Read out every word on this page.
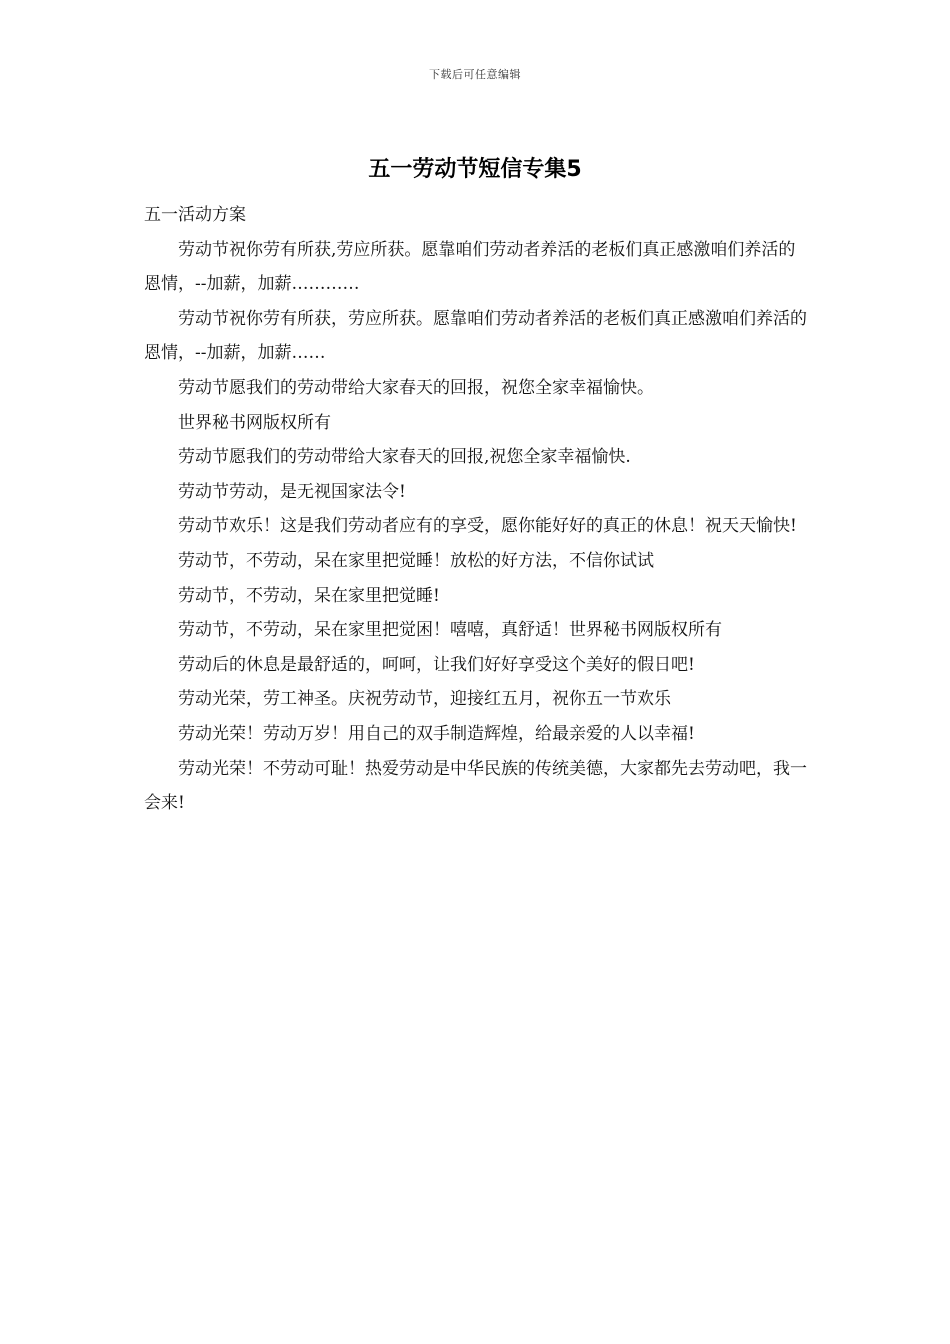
下载后可任意编辑
五一劳动节短信专集5

五一活动方案

劳动节祝你劳有所获,劳应所获。愿靠咱们劳动者养活的老板们真正感激咱们养活的恩情，--加薪，加薪…………

劳动节祝你劳有所获，劳应所获。愿靠咱们劳动者养活的老板们真正感激咱们养活的恩情，--加薪，加薪……

劳动节愿我们的劳动带给大家春天的回报，祝您全家幸福愉快。

世界秘书网版权所有

劳动节愿我们的劳动带给大家春天的回报,祝您全家幸福愉快.

劳动节劳动，是无视国家法令!

劳动节欢乐！这是我们劳动者应有的享受，愿你能好好的真正的休息！祝天天愉快!

劳动节，不劳动，呆在家里把觉睡！放松的好方法，不信你试试

劳动节，不劳动，呆在家里把觉睡!

劳动节，不劳动，呆在家里把觉困！嘻嘻，真舒适！世界秘书网版权所有

劳动后的休息是最舒适的，呵呵，让我们好好享受这个美好的假日吧!

劳动光荣，劳工神圣。庆祝劳动节，迎接红五月，祝你五一节欢乐

劳动光荣！劳动万岁！用自己的双手制造辉煌，给最亲爱的人以幸福!

劳动光荣！不劳动可耻！热爱劳动是中华民族的传统美德，大家都先去劳动吧，我一会来!
